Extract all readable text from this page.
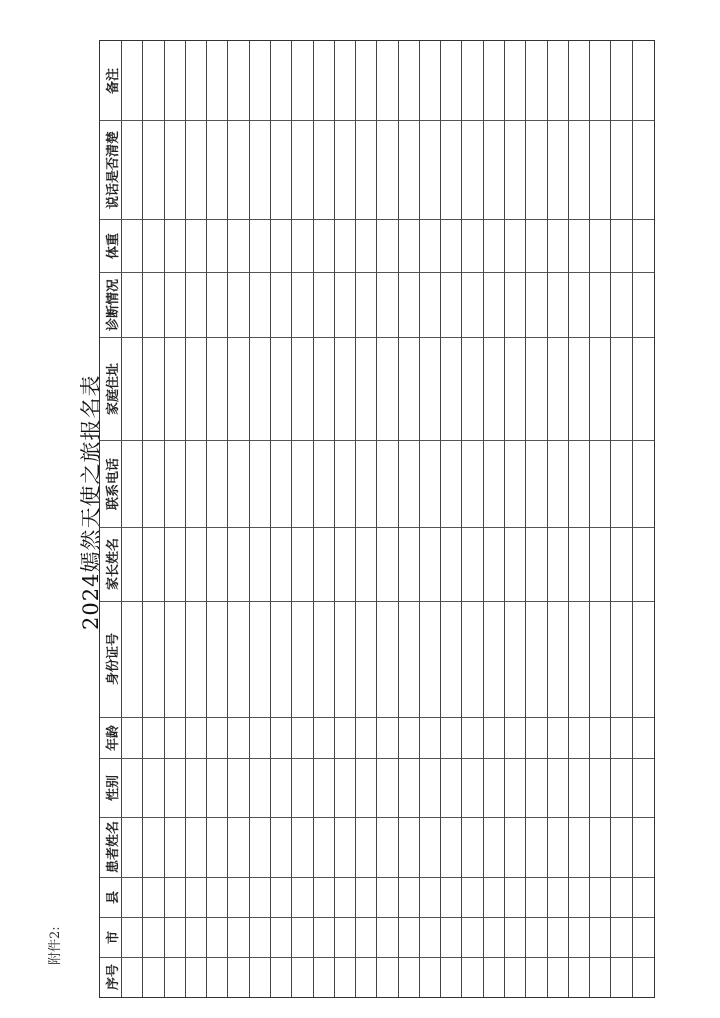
附件2:
2024嫣然天使之旅报名表
序号
市
县
患者姓名
性别
年龄
身份证号
家长姓名
联系电话
家庭住址
诊断情况
体重
说话是否清楚
备注
